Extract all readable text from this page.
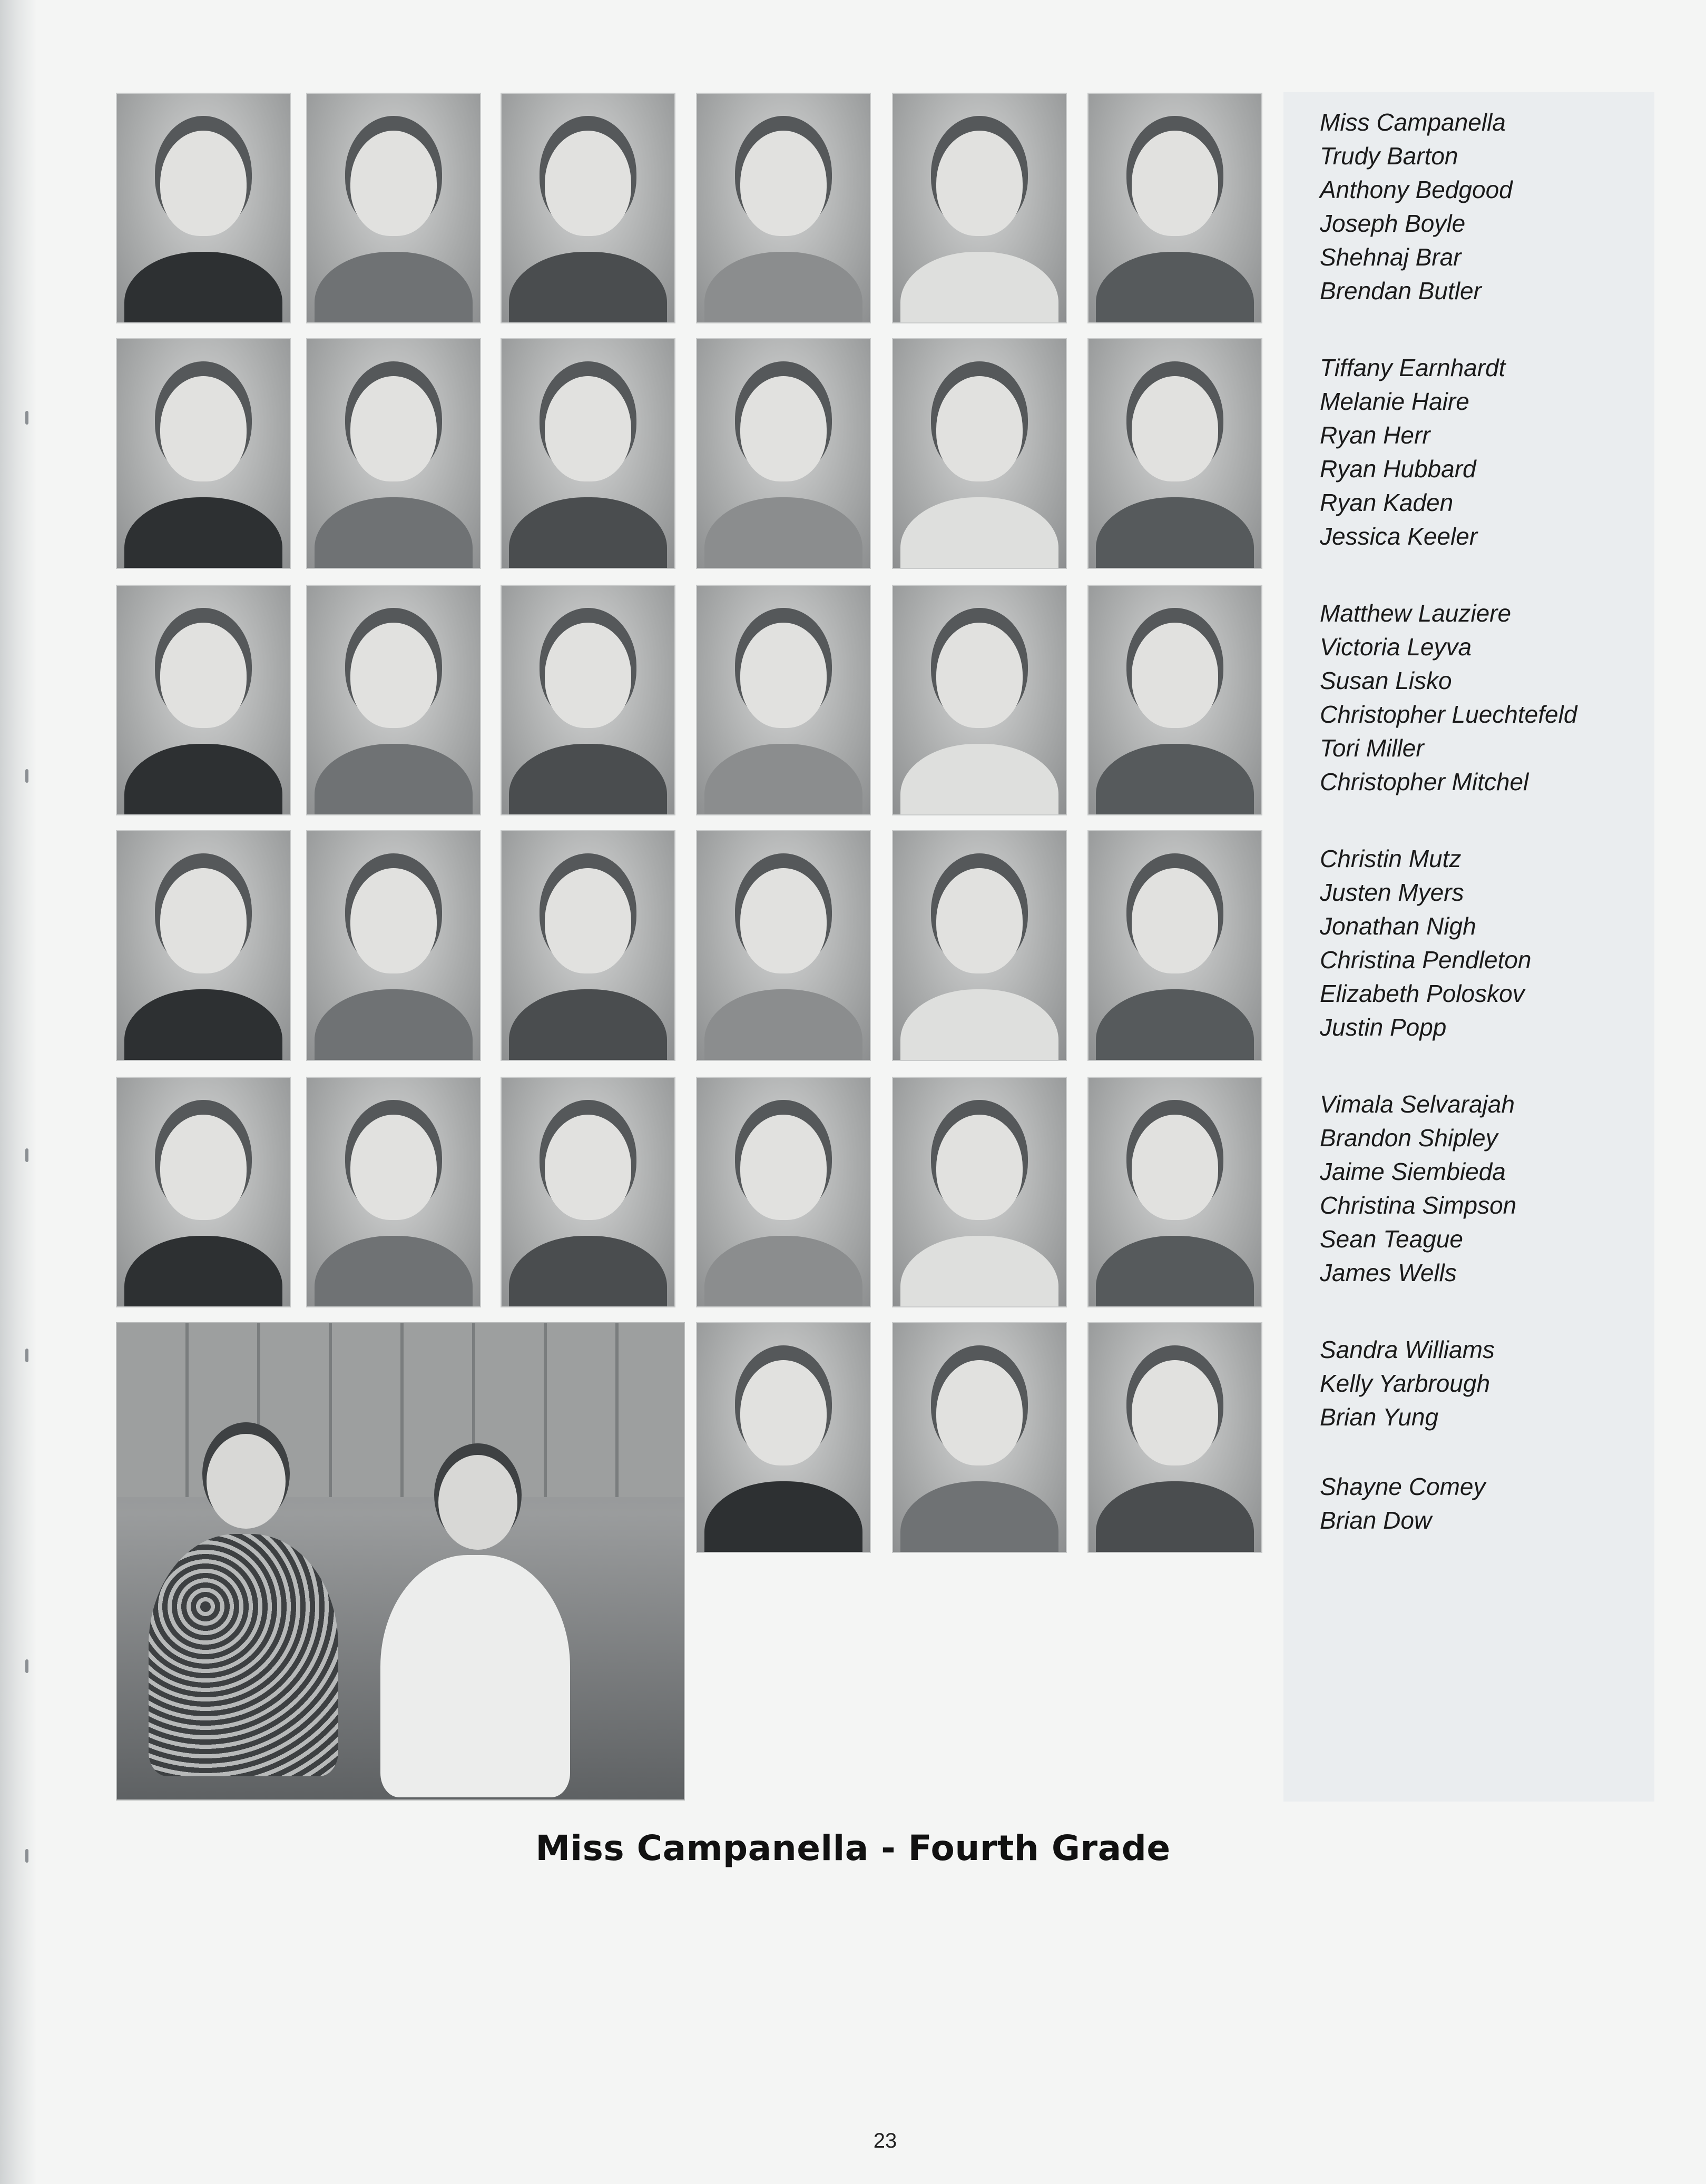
Miss Campanella
Trudy Barton
Anthony Bedgood
Joseph Boyle
Shehnaj Brar
Brendan Butler
Tiffany Earnhardt
Melanie Haire
Ryan Herr
Ryan Hubbard
Ryan Kaden
Jessica Keeler
Matthew Lauziere
Victoria Leyva
Susan Lisko
Christopher Luechtefeld
Tori Miller
Christopher Mitchel
Christin Mutz
Justen Myers
Jonathan Nigh
Christina Pendleton
Elizabeth Poloskov
Justin Popp
Vimala Selvarajah
Brandon Shipley
Jaime Siembieda
Christina Simpson
Sean Teague
James Wells
Sandra Williams
Kelly Yarbrough
Brian Yung
Shayne Comey
Brian Dow
Miss Campanella - Fourth Grade
23
